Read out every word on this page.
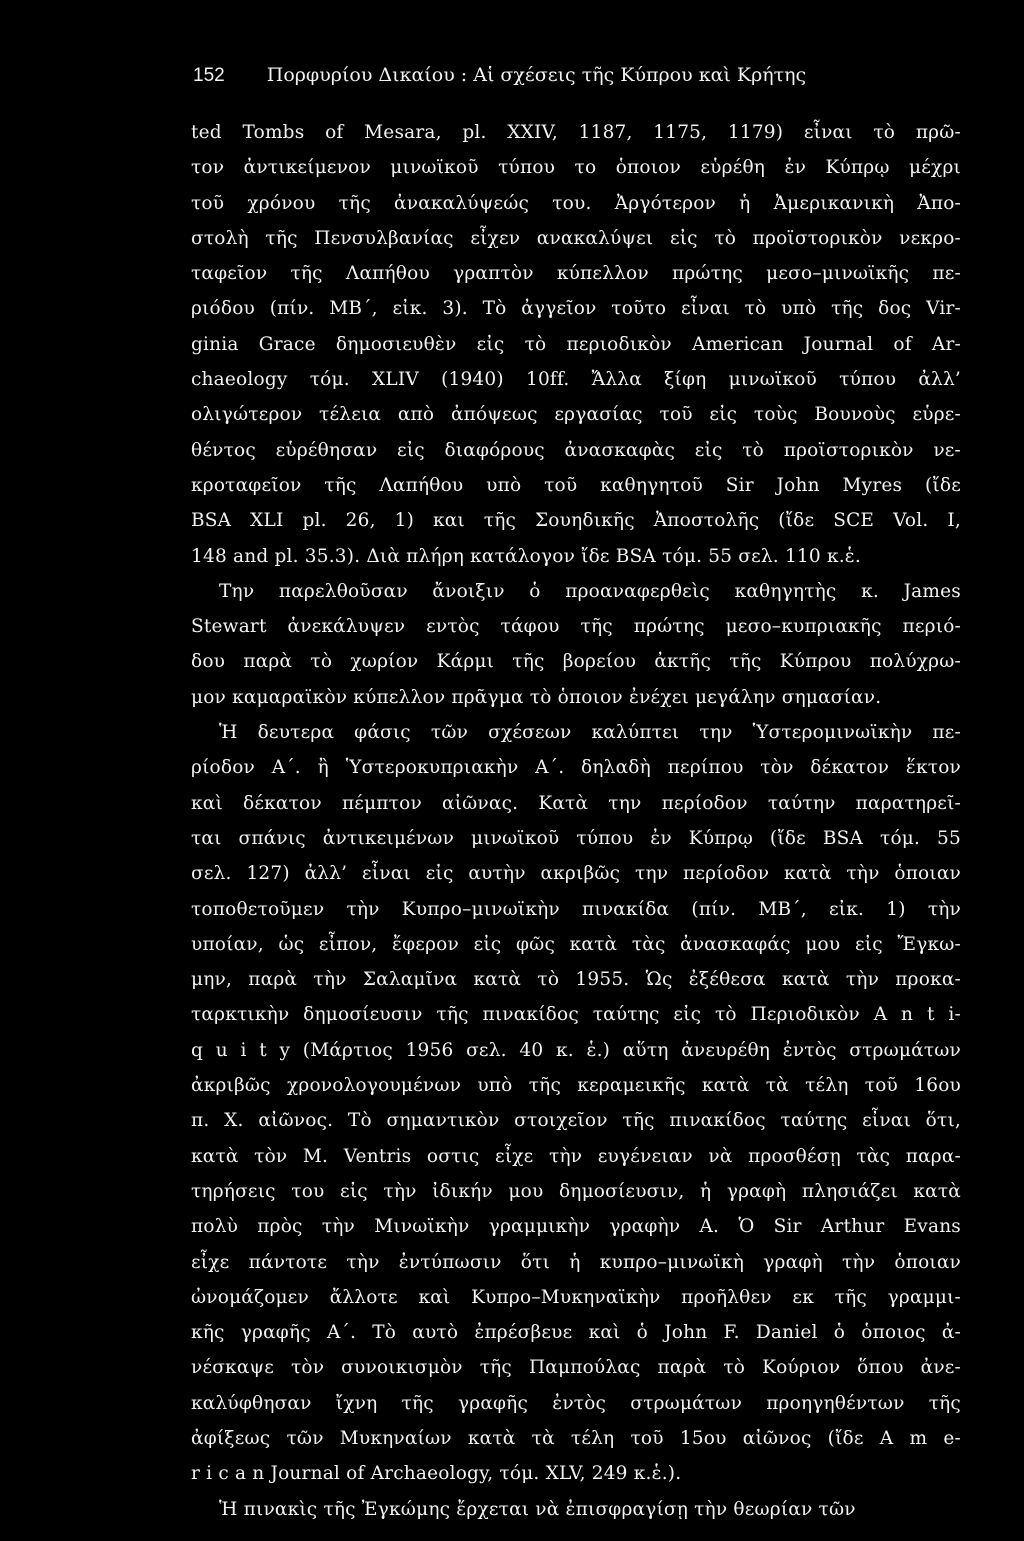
152 Πορφυρίου Δικαίου : Αἱ σχέσεις τῆς Κύπρου καὶ Κρήτης
ted Tombs of Mesara, pl. XXIV, 1187, 1175, 1179) εἶναι τὸ πρῶ-
τον ἀντικείμενον μινωϊκοῦ τύπου το ὁποιον εὑρέθη ἐν Κύπρῳ μέχρι
τοῦ χρόνου τῆς ἀνακαλύψεώς του. Ἀργότερον ἡ Ἀμερικανικὴ Ἀπο-
στολὴ τῆς Πενσυλβανίας εἶχεν ανακαλύψει εἰς τὸ προϊστορικὸν νεκρο-
ταφεῖον τῆς Λαπήθου γραπτὸν κύπελλον πρώτης μεσο–μινωϊκῆς πε-
ριόδου (πίν. ΜΒ΄, εἰκ. 3). Τὸ ἀγγεῖον τοῦτο εἶναι τὸ υπὸ τῆς δος Vir-
ginia Grace δημοσιευθὲν εἰς τὸ περιοδικὸν American Journal of Ar-
chaeology τόμ. XLIV (1940) 10ff. Ἄλλα ξίφη μινωϊκοῦ τύπου ἀλλ’
ολιγώτερον τέλεια απὸ ἀπόψεως εργασίας τοῦ εἰς τοὺς Βουνοὺς εὑρε-
θέντος εὑρέθησαν εἰς διαφόρους ἀνασκαφὰς εἰς τὸ προϊστορικὸν νε-
κροταφεῖον τῆς Λαπήθου υπὸ τοῦ καθηγητοῦ Sir John Myres (ἴδε
BSA XLI pl. 26, 1) και τῆς Σουηδικῆς Ἀποστολῆς (ἴδε SCE Vol. I,
148 and pl. 35.3). Διὰ πλήρη κατάλογον ἴδε BSA τόμ. 55 σελ. 110 κ.ἑ.
Την παρελθοῦσαν ἄνοιξιν ὁ προαναφερθεὶς καθηγητὴς κ. James
Stewart ἀνεκάλυψεν εντὸς τάφου τῆς πρώτης μεσο–κυπριακῆς περιό-
δου παρὰ τὸ χωρίον Κάρμι τῆς βορείου ἀκτῆς τῆς Κύπρου πολύχρω-
μον καμαραϊκὸν κύπελλον πρᾶγμα τὸ ὁποιον ἐνέχει μεγάλην σημασίαν.
Ἡ δευτερα φάσις τῶν σχέσεων καλύπτει την Ὑστερομινωϊκὴν πε-
ρίοδον Α΄. ἢ Ὑστεροκυπριακὴν Α΄. δηλαδὴ περίπου τὸν δέκατον ἕκτον
καὶ δέκατον πέμπτον αἰῶνας. Κατὰ την περίοδον ταύτην παρατηρεῖ-
ται σπάνις ἀντικειμένων μινωϊκοῦ τύπου ἐν Κύπρῳ (ἴδε BSA τόμ. 55
σελ. 127) ἀλλ’ εἶναι εἰς αυτὴν ακριβῶς την περίοδον κατὰ τὴν ὁποιαν
τοποθετοῦμεν τὴν Κυπρο–μινωϊκὴν πινακίδα (πίν. ΜΒ΄, εἰκ. 1) τὴν
υποίαν, ὡς εἶπον, ἔφερον εἰς φῶς κατὰ τὰς ἀνασκαφάς μου εἰς Ἔγκω-
μην, παρὰ τὴν Σαλαμῖνα κατὰ τὸ 1955. Ὡς ἐξέθεσα κατὰ τὴν προκα-
ταρκτικὴν δημοσίευσιν τῆς πινακίδος ταύτης εἰς τὸ Περιοδικὸν A n t i-
q u i t y (Μάρτιος 1956 σελ. 40 κ. ἑ.) αὕτη ἀνευρέθη ἐντὸς στρωμάτων
ἀκριβῶς χρονολογουμένων υπὸ τῆς κεραμεικῆς κατὰ τὰ τέλη τοῦ 16ου
π. Χ. αἰῶνος. Τὸ σημαντικὸν στοιχεῖον τῆς πινακίδος ταύτης εἶναι ὅτι,
κατὰ τὸν Μ. Ventris οστις εἶχε τὴν ευγένειαν νὰ προσθέσῃ τὰς παρα-
τηρήσεις του εἰς τὴν ἰδικήν μου δημοσίευσιν, ἡ γραφὴ πλησιάζει κατὰ
πολὺ πρὸς τὴν Μινωϊκὴν γραμμικὴν γραφὴν Α. Ὁ Sir Arthur Evans
εἶχε πάντοτε τὴν ἐντύπωσιν ὅτι ἡ κυπρο–μινωϊκὴ γραφὴ τὴν ὁποιαν
ὠνομάζομεν ἄλλοτε καὶ Κυπρο–Μυκηναϊκὴν προῆλθεν εκ τῆς γραμμι-
κῆς γραφῆς Α΄. Τὸ αυτὸ ἐπρέσβευε καὶ ὁ John F. Daniel ὁ ὁποιος ἀ-
νέσκαψε τὸν συνοικισμὸν τῆς Παμπούλας παρὰ τὸ Κούριον ὅπου ἀνε-
καλύφθησαν ἴχνη τῆς γραφῆς ἐντὸς στρωμάτων προηγηθέντων τῆς
ἀφίξεως τῶν Μυκηναίων κατὰ τὰ τέλη τοῦ 15ου αἰῶνος (ἴδε A m e-
r i c a n Journal of Archaeology, τόμ. XLV, 249 κ.ἑ.).
Ἡ πινακὶς τῆς Ἐγκώμης ἔρχεται νὰ ἐπισφραγίσῃ τὴν θεωρίαν τῶν
